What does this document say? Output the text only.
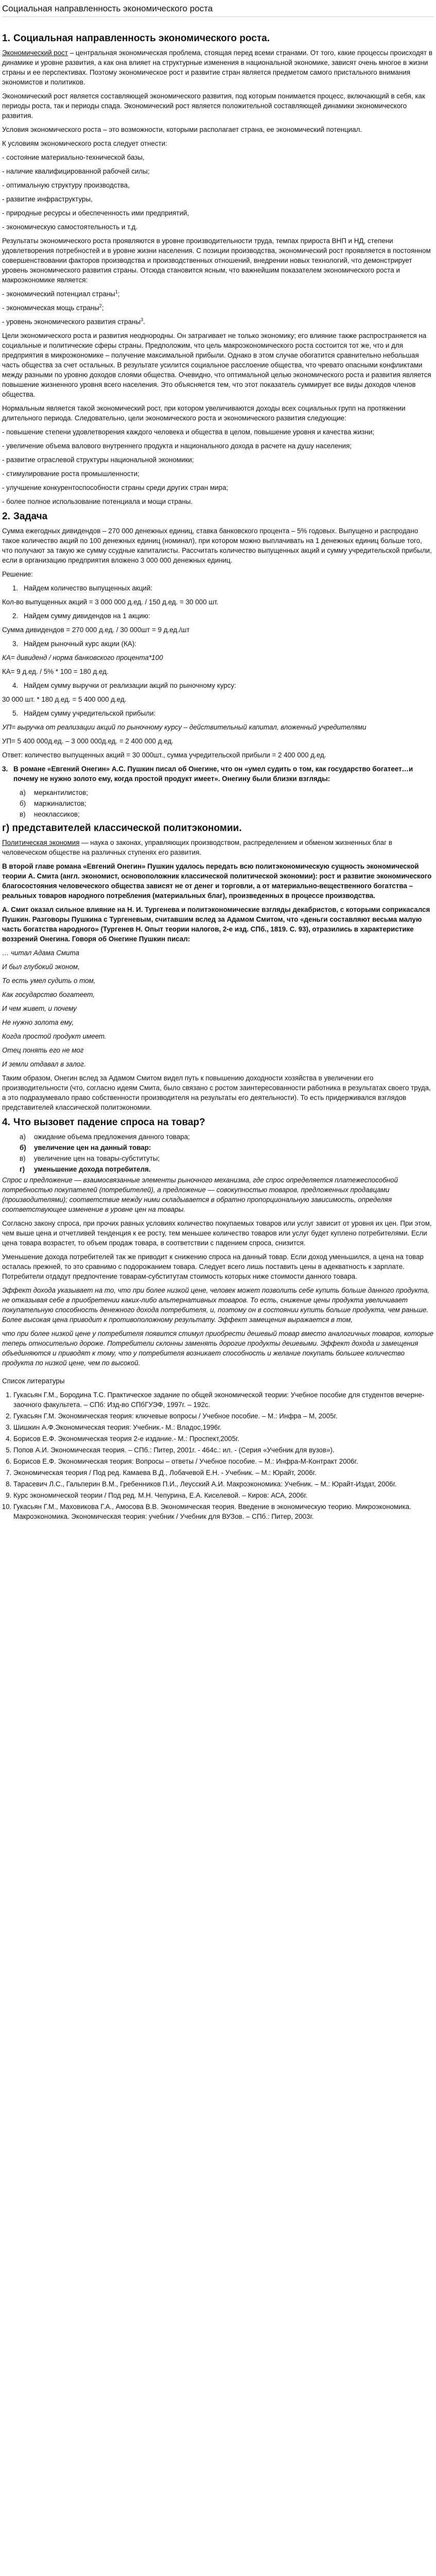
Социальная направленность экономического роста
1. Социальная направленность экономического роста.
Экономический рост – центральная экономическая проблема, стоящая перед всеми странами. От того, какие процессы происходят в динамике и уровне развития, а как она влияет на структурные изменения в национальной экономике, зависят очень многое в жизни страны и ее перспективах. Поэтому экономическое рост и развитие стран является предметом самого пристального внимания экономистов и политиков.
Экономический рост является составляющей экономического развития, под которым понимается процесс, включающий в себя, как периоды роста, так и периоды спада. Экономический рост является положительной составляющей динамики экономического развития.
Условия экономического роста – это возможности, которыми располагает страна, ее экономический потенциал.
К условиям экономического роста следует отнести:
- состояние материально-технической базы,
- наличие квалифицированной рабочей силы;
- оптимальную структуру производства,
- развитие инфраструктуры,
- природные ресурсы и обеспеченность ими предприятий,
- экономическую самостоятельность и т.д.
Результаты экономического роста проявляются в уровне производительности труда, темпах прироста ВНП и НД, степени удовлетворения потребностей и в уровне жизни населения. С позиции производства, экономический рост проявляется в постоянном совершенствовании факторов производства и производственных отношений, внедрении новых технологий, что демонстрирует уровень экономического развития страны. Отсюда становится ясным, что важнейшим показателем экономического роста и макроэкономике является:
- экономический потенциал страны$^1$;
- экономическая мощь страны$^2$;
- уровень экономического развития страны$^3$.
Цели экономического роста и развития неоднородны. Он затрагивает не только экономику; его влияние также распространяется на социальные и политические сферы страны. Предположим, что цель макроэкономического роста состоится тот же, что и для предприятия в микроэкономике – получение максимальной прибыли. Однако в этом случае обогатится сравнительно небольшая часть общества за счет остальных. В результате усилится социальное расслоение общества, что чревато опасными конфликтами между разными по уровню доходов слоями общества. Очевидно, что оптимальной целью экономического роста и развития является повышение жизненного уровня всего населения. Это объясняется тем, что этот показатель суммирует все виды доходов членов общества.
Нормальным является такой экономический рост, при котором увеличиваются доходы всех социальных групп на протяжении длительного периода. Следовательно, цели экономического роста и экономического развития следующие:
- повышение степени удовлетворения каждого человека и общества в целом, повышение уровня и качества жизни;
- увеличение объема валового внутреннего продукта и национального дохода в расчете на душу населения;
- развитие отраслевой структуры национальной экономики;
- стимулирование роста промышленности;
- улучшение конкурентоспособности страны среди других стран мира;
- более полное использование потенциала и мощи страны.
2. Задача
Сумма ежегодных дивидендов – 270 000 денежных единиц, ставка банковского процента – 5% годовых. Выпущено и распродано такое количество акций по 100 денежных единиц (номинал), при котором можно выплачивать на 1 денежных единиц больше того, что получают за такую же сумму ссудные капиталисты. Рассчитать количество выпущенных акций и сумму учредительской прибыли, если в организацию предприятия вложено 3 000 000 денежных единиц.
Решение:
1. Найдем количество выпущенных акций:
Кол-во выпущенных акций = 3 000 000 д.ед. / 150 д.ед. = 30 000 шт.
2. Найдем сумму дивидендов на 1 акцию:
Сумма дивидендов = 270 000 д.ед. / 30 000шт = 9 д.ед./шт
3. Найдем рыночный курс акции (КА):
КА= дивиденд / норма банковского процента*100
КА= 9 д.ед. / 5% * 100 = 180 д.ед.
4. Найдем сумму выручки от реализации акций по рыночному курсу:
30 000 шт. * 180 д.ед. = 5 400 000 д.ед.
5. Найдем сумму учредительской прибыли:
УП= выручка от реализации акций по рыночному курсу – действительный капитал, вложенный учредителями
УП= 5 400 000д.ед. – 3 000 000д.ед. = 2 400 000 д.ед.
Ответ: количество выпущенных акций = 30 000шт., сумма учредительской прибыли = 2 400 000 д.ед.
3. В романе «Евгений Онегин» А.С. Пушкин писал об Онегине, что он «умел судить о том, как государство богатеет…и почему не нужно золото ему, когда простой продукт имеет». Онегину были близки взгляды:
а)	меркантилистов;
б)	маржиналистов;
в)	неоклассиков;
г) представителей классической политэкономии.
Политическая экономия — наука о законах, управляющих производством, распределением и обменом жизненных благ в человеческом обществе на различных ступенях его развития.
В второй главе романа «Евгений Онегин» Пушкин удалось передать всю политэкономическую сущность экономической теории А. Смита (англ. экономист, основоположник классической политической экономии): рост и развитие экономического благосостояния человеческого общества зависят не от денег и торговли, а от материально-вещественного богатства – реальных товаров народного потребления (материальных благ), произведенных в процессе производства.
А. Смит оказал сильное влияние на Н. И. Тургенева и политэкономические взгляды декабристов, с которыми соприкасался Пушкин. Разговоры Пушкина с Тургеневым, считавшим вслед за Адамом Смитом, что «деньги составляют весьма малую часть богатства народного» (Тургенев Н. Опыт теории налогов, 2-е изд. СПб., 1819. С. 93), отразились в характеристике воззрений Онегина. Говоря об Онегине Пушкин писал:
… читал Адама Смита
И был глубокий эконом,
То есть умел судить о том,
Как государство богатеет,
И чем живет, и почему
Не нужно золота ему,
Когда простой продукт имеет.
Отец понять его не мог
И земли отдавал в залог.
Таким образом, Онегин вслед за Адамом Смитом видел путь к повышению доходности хозяйства в увеличении его производительности (что, согласно идеям Смита, было связано с ростом заинтересованности работника в результатах своего труда, а это подразумевало право собственности производителя на результаты его деятельности). То есть придерживался взглядов представителей классической политэкономии.
4. Что вызовет падение спроса на товар?
а)	ожидание объема предложения данного товара;
б)	увеличение цен на данный товар:
в)	увеличение цен на товары-субституты;
г)	уменьшение дохода потребителя.
Спрос и предложение — взаимосвязанные элементы рыночного механизма, где спрос определяется платежеспособной потребностью покупателей (потребителей), а предложение — совокупностью товаров, предложенных продавцами (производителями); соответствие между ними складывается в обратно пропорциональную зависимость, определяя соответствующее изменение в уровне цен на товары.
Согласно закону спроса, при прочих равных условиях количество покупаемых товаров или услуг зависит от уровня их цен. При этом, чем выше цена и отчетливей тенденция к ее росту, тем меньшее количество товаров или услуг будет куплено потребителями. Если цена товара возрастет, то объем продаж товара, в соответствии с падением спроса, снизится.
Уменьшение дохода потребителей так же приводит к снижению спроса на данный товар. Если доход уменьшился, а цена на товар осталась прежней, то это сравнимо с подорожанием товара. Следует всего лишь поставить цены в адекватность к зарплате. Потребители отдадут предпочтение товарам-субститутам стоимость которых ниже стоимости данного товара.
Эффект дохода указывает на то, что при более низкой цене, человек может позволить себе купить больше данного продукта, не отказывая себе в приобретении каких-либо альтернативных товаров. То есть, снижение цены продукта увеличивает покупательную способность денежного дохода потребителя, и, поэтому он в состоянии купить больше продукта, чем раньше. Более высокая цена приводит к противоположному результату. Эффект замещения выражается в том,
что при более низкой цене у потребителя появится стимул приобрести дешевый товар вместо аналогичных товаров, которые теперь относительно дороже. Потребители склонны заменять дорогие продукты дешевыми. Эффект дохода и замещения объединяются и приводят к тому, что у потребителя возникает способность и желание покупать большее количество продукта по низкой цене, чем по высокой.
Список литературы
1. Гукасьян Г.М., Бородина Т.С. Практическое задание по общей экономической теории: Учебное пособие для студентов вечерне-заочного факультета. – СПб: Изд-во СПбГУЭФ, 1997г. – 192с.
2. Гукасьян Г.М. Экономическая теория: ключевые вопросы / Учебное пособие. – М.: Инфра – М, 2005г.
3. Шишкин А.Ф.Экономическая теория: Учебник.- М.: Владос,1996г.
4. Борисов Е.Ф. Экономическая теория 2-е издание.- М.: Проспект,2005г.
5. Попов А.И. Экономическая теория. – СПб.: Питер, 2001г. - 464с.: ил. - (Серия «Учебник для вузов»).
6. Борисов Е.Ф. Экономическая теория: Вопросы – ответы / Учебное пособие. – М.: Инфра-М-Контракт 2006г.
7. Экономическая теория / Под ред. Камаева В.Д., Лобачевой Е.Н. - Учебник. – М.: Юрайт, 2006г.
8. Тарасевич Л.С., Гальперин В.М., Гребенников П.И., Леусский А.И. Макроэкономика: Учебник. – М.: Юрайт-Издат, 2006г.
9. Курс экономической теории / Под ред. М.Н. Чепурина, Е.А. Киселевой. – Киров: АСА, 2006г.
10. Гукасьян Г.М., Маховикова Г.А., Амосова В.В. Экономическая теория. Введение в экономическую теорию. Микроэкономика. Макроэкономика. Экономическая теория: учебник / Учебник для ВУЗов. – СПб.: Питер, 2003г.
